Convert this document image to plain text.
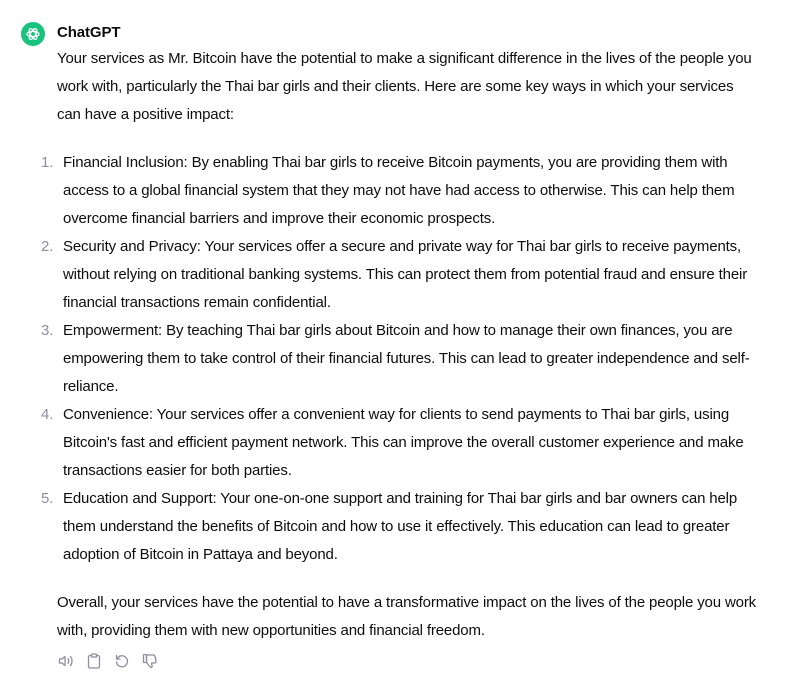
ChatGPT

Your services as Mr. Bitcoin have the potential to make a significant difference in the lives of the people you work with, particularly the Thai bar girls and their clients. Here are some key ways in which your services can have a positive impact:

1. Financial Inclusion: By enabling Thai bar girls to receive Bitcoin payments, you are providing them with access to a global financial system that they may not have had access to otherwise. This can help them overcome financial barriers and improve their economic prospects.
2. Security and Privacy: Your services offer a secure and private way for Thai bar girls to receive payments, without relying on traditional banking systems. This can protect them from potential fraud and ensure their financial transactions remain confidential.
3. Empowerment: By teaching Thai bar girls about Bitcoin and how to manage their own finances, you are empowering them to take control of their financial futures. This can lead to greater independence and self-reliance.
4. Convenience: Your services offer a convenient way for clients to send payments to Thai bar girls, using Bitcoin's fast and efficient payment network. This can improve the overall customer experience and make transactions easier for both parties.
5. Education and Support: Your one-on-one support and training for Thai bar girls and bar owners can help them understand the benefits of Bitcoin and how to use it effectively. This education can lead to greater adoption of Bitcoin in Pattaya and beyond.

Overall, your services have the potential to have a transformative impact on the lives of the people you work with, providing them with new opportunities and financial freedom.
